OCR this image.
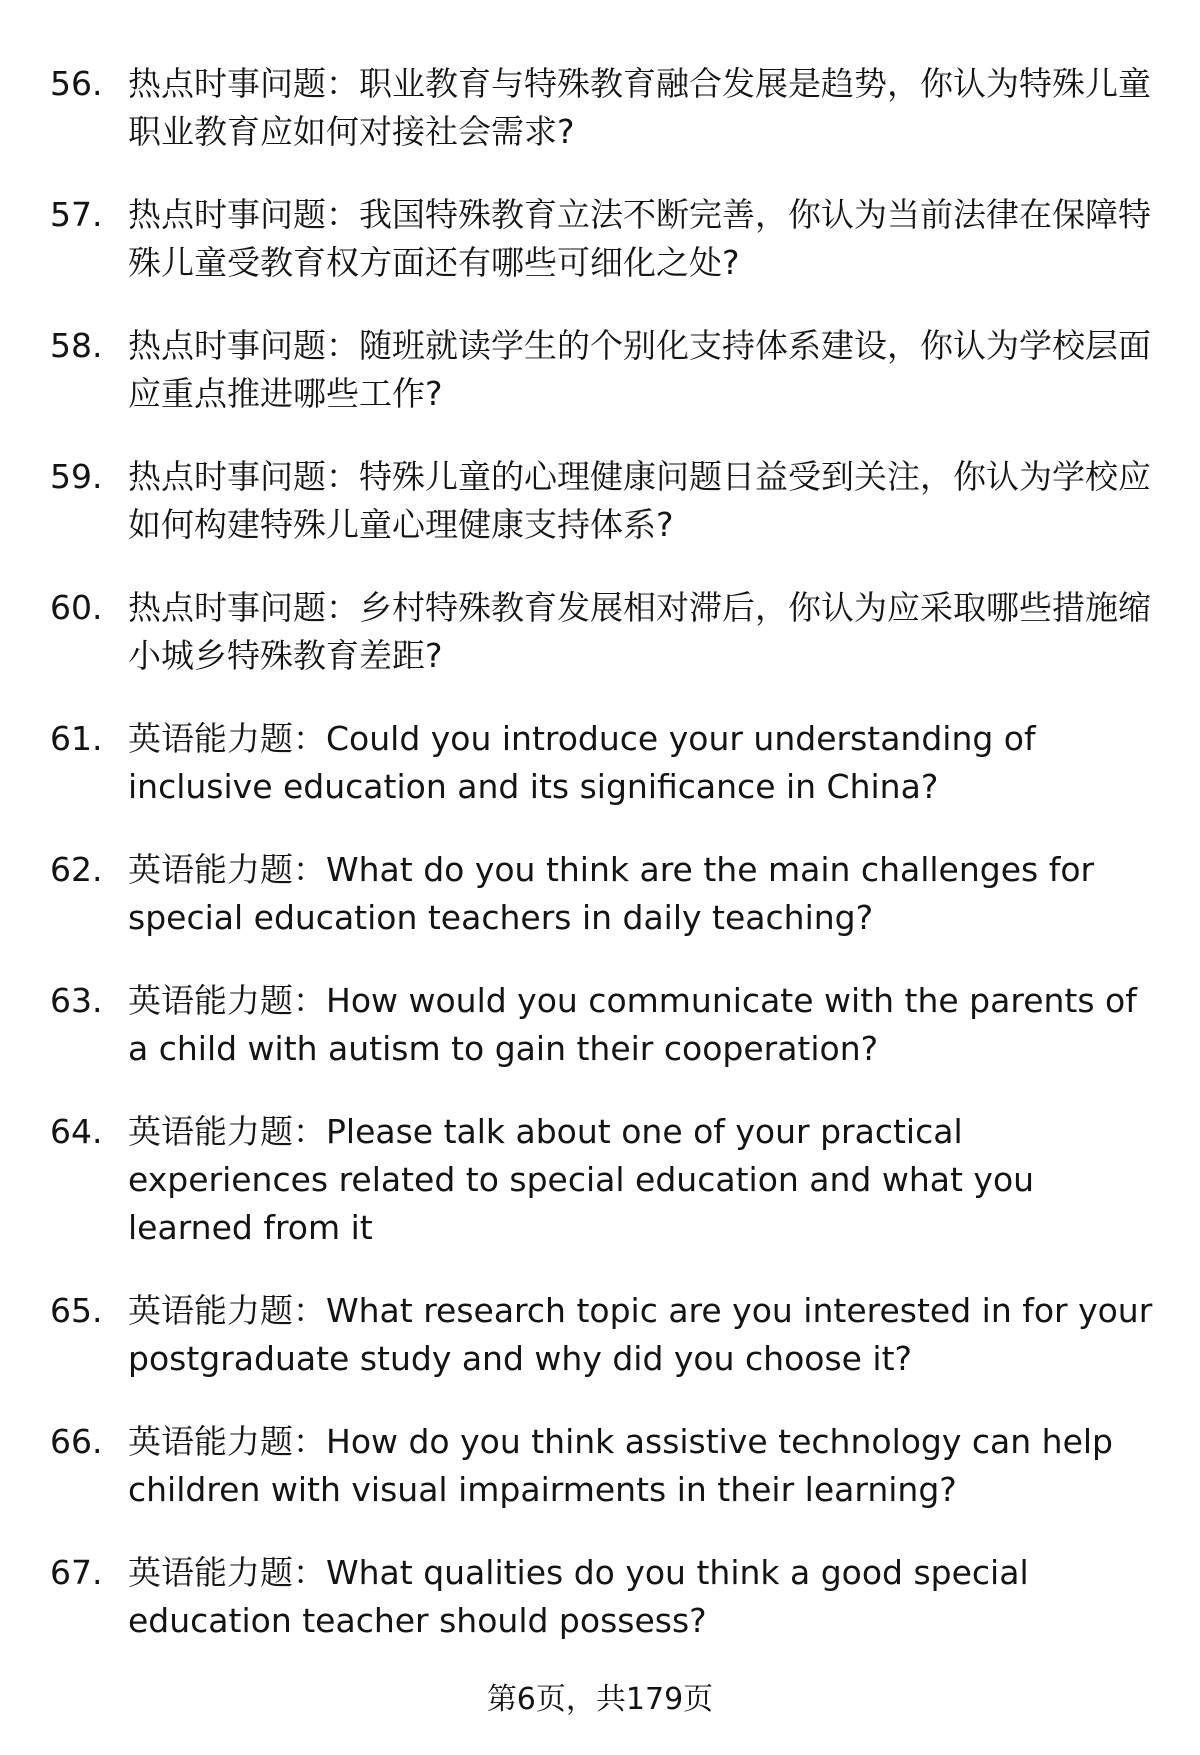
56. 热点时事问题：职业教育与特殊教育融合发展是趋势，你认为特殊儿童职业教育应如何对接社会需求?
57. 热点时事问题：我国特殊教育立法不断完善，你认为当前法律在保障特殊儿童受教育权方面还有哪些可细化之处?
58. 热点时事问题：随班就读学生的个别化支持体系建设，你认为学校层面应重点推进哪些工作?
59. 热点时事问题：特殊儿童的心理健康问题日益受到关注，你认为学校应如何构建特殊儿童心理健康支持体系?
60. 热点时事问题：乡村特殊教育发展相对滞后，你认为应采取哪些措施缩小城乡特殊教育差距?
61. 英语能力题：Could you introduce your understanding of inclusive education and its significance in China?
62. 英语能力题：What do you think are the main challenges for special education teachers in daily teaching?
63. 英语能力题：How would you communicate with the parents of a child with autism to gain their cooperation?
64. 英语能力题：Please talk about one of your practical experiences related to special education and what you learned from it
65. 英语能力题：What research topic are you interested in for your postgraduate study and why did you choose it?
66. 英语能力题：How do you think assistive technology can help children with visual impairments in their learning?
67. 英语能力题：What qualities do you think a good special education teacher should possess?
第6页，共179页
